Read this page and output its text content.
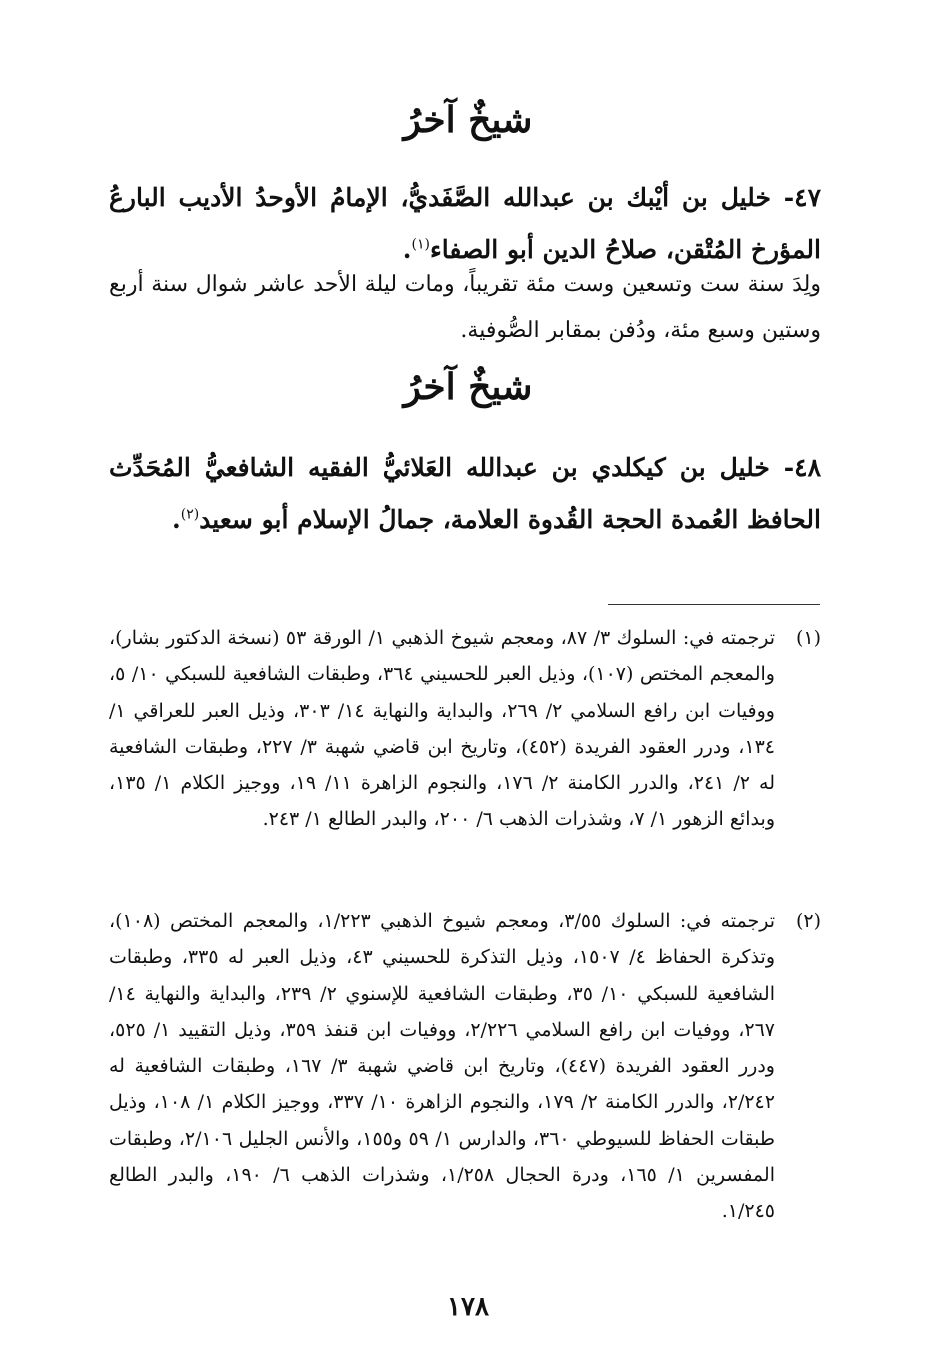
شيخٌ آخرُ
٤٧- خليل بن أيْبك بن عبدالله الصَّفَديُّ، الإمامُ الأوحدُ الأديب البارعُ المؤرخ المُتْقن، صلاحُ الدين أبو الصفاء$^{(١)}$.
ولِدَ سنة ست وتسعين وست مئة تقريباً، ومات ليلة الأحد عاشر شوال سنة أربع وستين وسبع مئة، ودُفن بمقابر الصُّوفية.
شيخٌ آخرُ
٤٨- خليل بن كيكلدي بن عبدالله العَلائيُّ الفقيه الشافعيُّ المُحَدِّث الحافظ العُمدة الحجة القُدوة العلامة، جمالُ الإسلام أبو سعيد$^{(٢)}$.
(١)
ترجمته في: السلوك ٣/ ٨٧، ومعجم شيوخ الذهبي ١/ الورقة ٥٣ (نسخة الدكتور بشار)، والمعجم المختص (١٠٧)، وذيل العبر للحسيني ٣٦٤، وطبقات الشافعية للسبكي ١٠/ ٥، ووفيات ابن رافع السلامي ٢/ ٢٦٩، والبداية والنهاية ١٤/ ٣٠٣، وذيل العبر للعراقي ١/ ١٣٤، ودرر العقود الفريدة (٤٥٢)، وتاريخ ابن قاضي شهبة ٣/ ٢٢٧، وطبقات الشافعية له ٢/ ٢٤١، والدرر الكامنة ٢/ ١٧٦، والنجوم الزاهرة ١١/ ١٩، ووجيز الكلام ١/ ١٣٥، وبدائع الزهور ١/ ٧، وشذرات الذهب ٦/ ٢٠٠، والبدر الطالع ١/ ٢٤٣.
(٢)
ترجمته في: السلوك ٣/٥٥، ومعجم شيوخ الذهبي ١/٢٢٣، والمعجم المختص (١٠٨)، وتذكرة الحفاظ ٤/ ١٥٠٧، وذيل التذكرة للحسيني ٤٣، وذيل العبر له ٣٣٥، وطبقات الشافعية للسبكي ١٠/ ٣٥، وطبقات الشافعية للإسنوي ٢/ ٢٣٩، والبداية والنهاية ١٤/ ٢٦٧، ووفيات ابن رافع السلامي ٢/٢٢٦، ووفيات ابن قنفذ ٣٥٩، وذيل التقييد ١/ ٥٢٥، ودرر العقود الفريدة (٤٤٧)، وتاريخ ابن قاضي شهبة ٣/ ١٦٧، وطبقات الشافعية له ٢/٢٤٢، والدرر الكامنة ٢/ ١٧٩، والنجوم الزاهرة ١٠/ ٣٣٧، ووجيز الكلام ١/ ١٠٨، وذيل طبقات الحفاظ للسيوطي ٣٦٠، والدارس ١/ ٥٩ و١٥٥، والأنس الجليل ٢/١٠٦، وطبقات المفسرين ١/ ١٦٥، ودرة الحجال ١/٢٥٨، وشذرات الذهب ٦/ ١٩٠، والبدر الطالع ١/٢٤٥.
١٧٨
